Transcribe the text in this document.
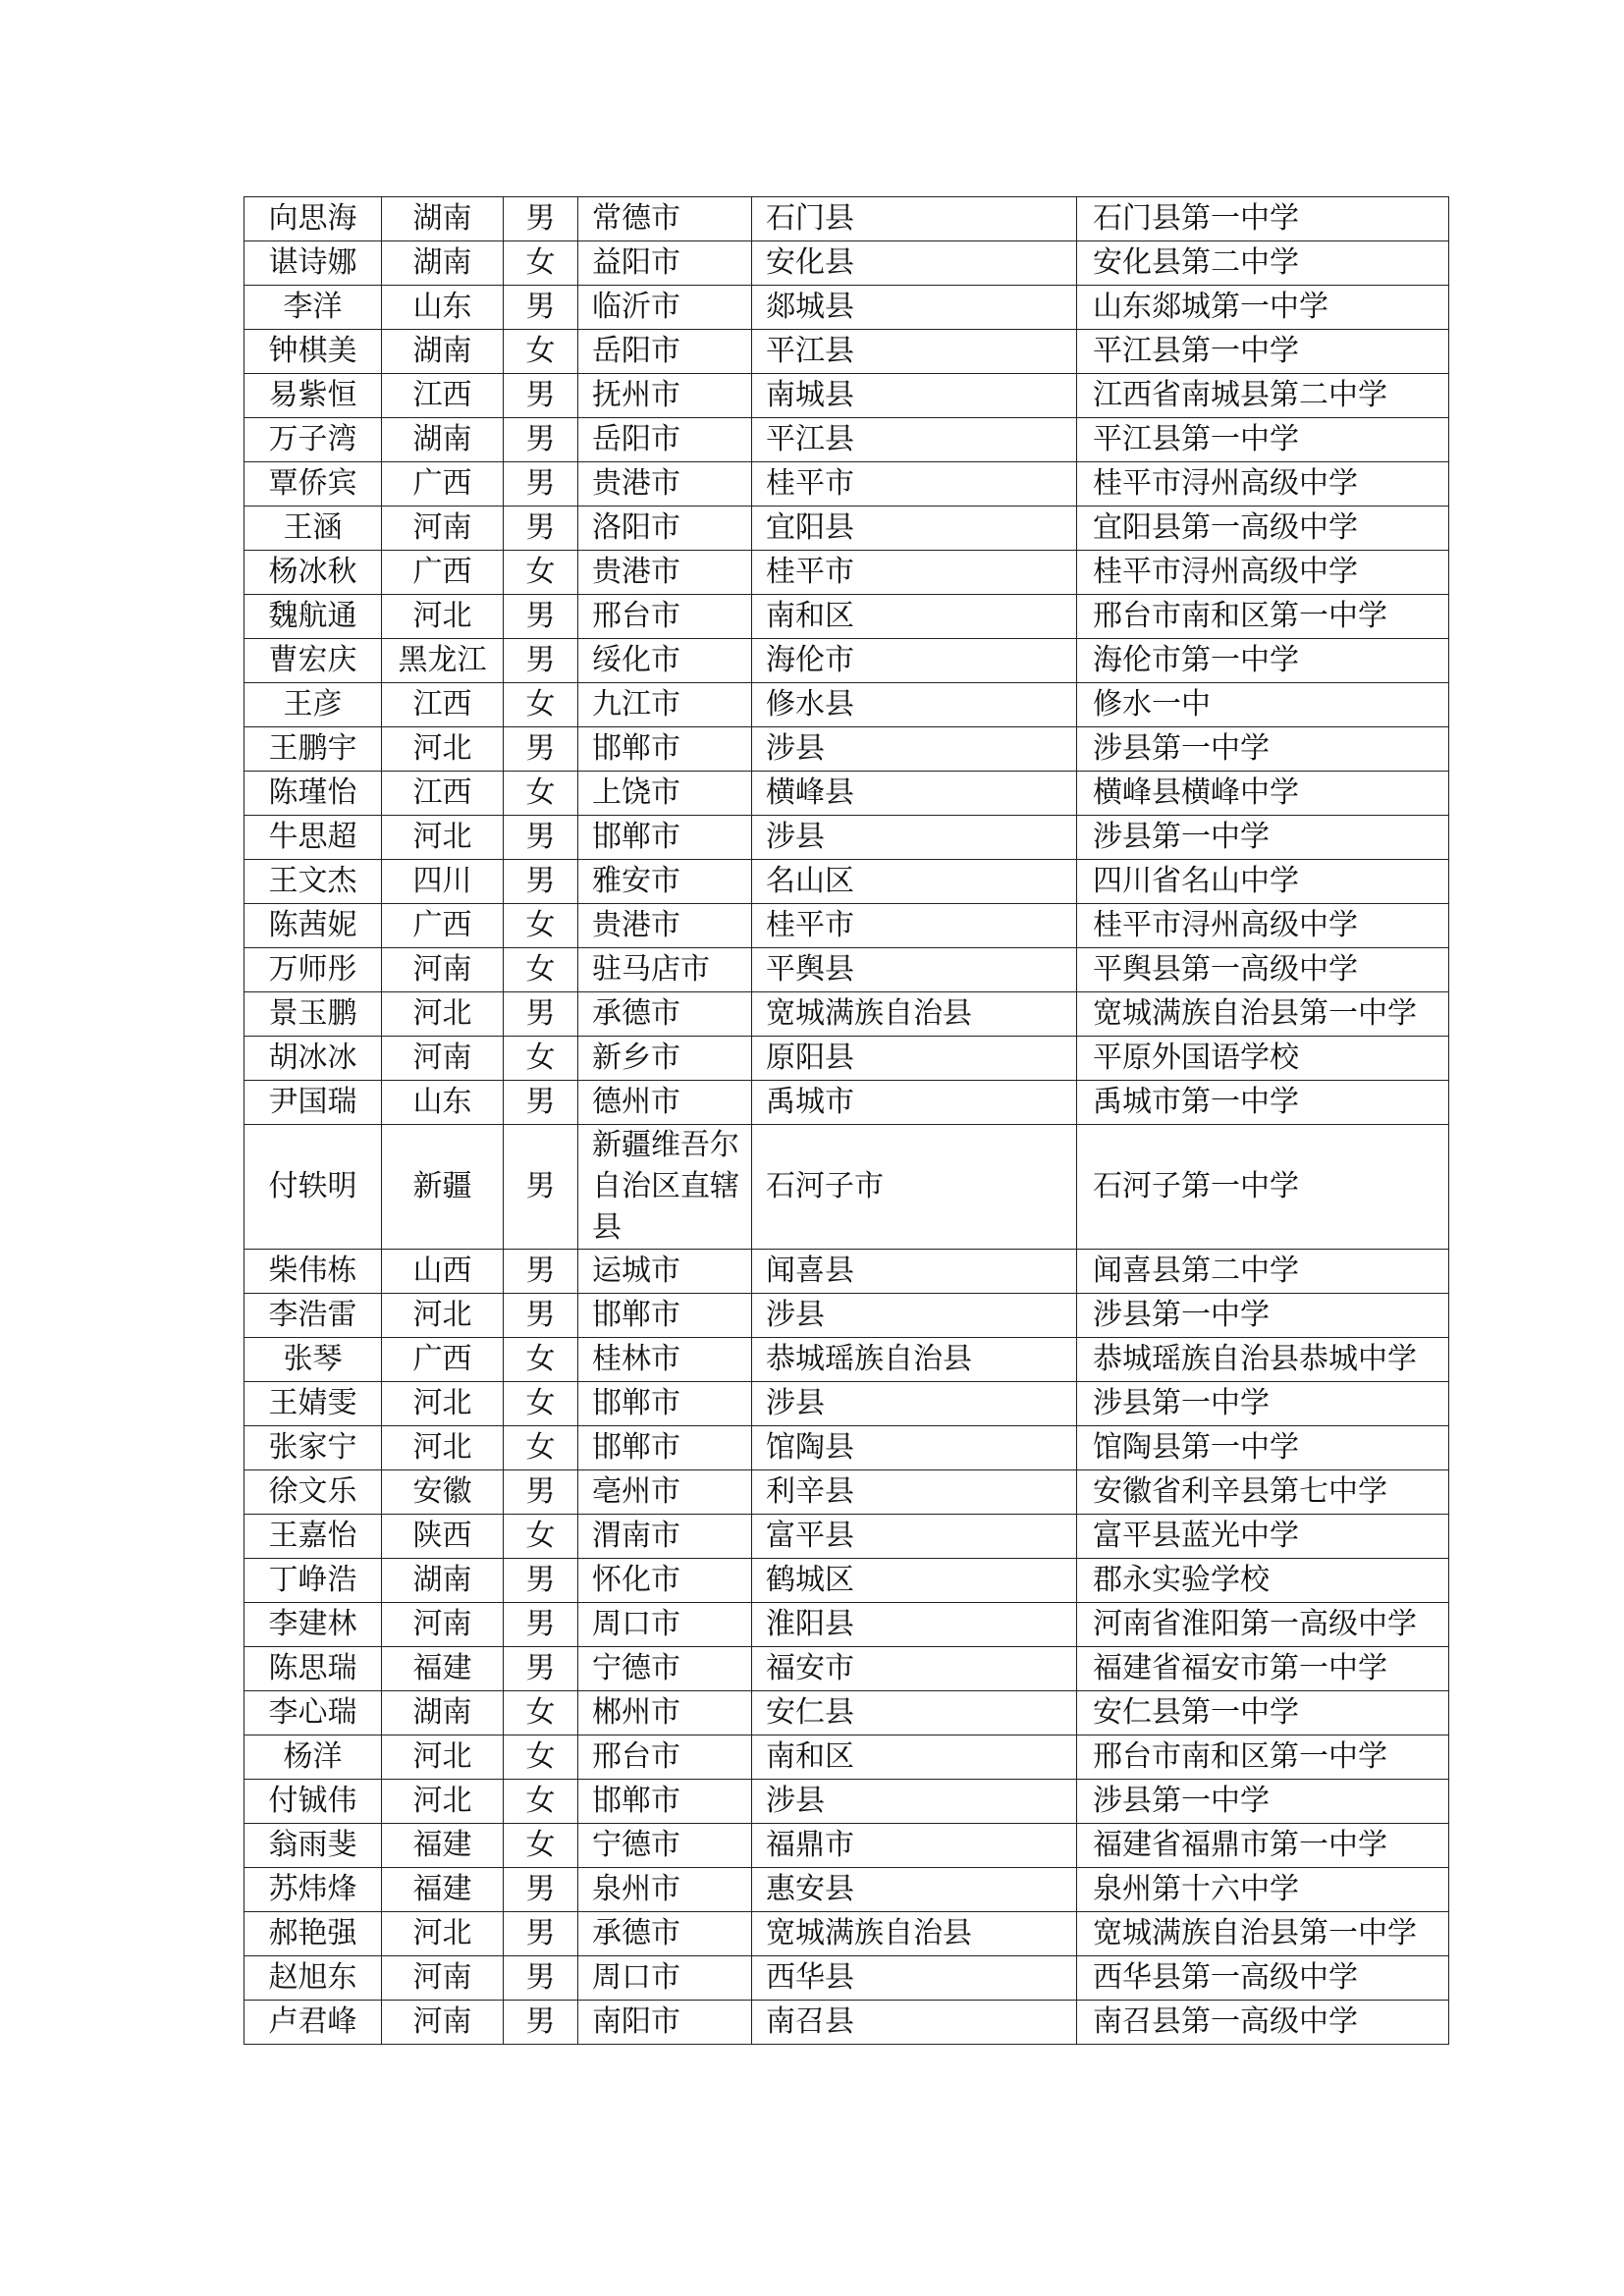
向思海	湖南	男	常德市	石门县	石门县第一中学
谌诗娜	湖南	女	益阳市	安化县	安化县第二中学
李洋	山东	男	临沂市	郯城县	山东郯城第一中学
钟棋美	湖南	女	岳阳市	平江县	平江县第一中学
易紫恒	江西	男	抚州市	南城县	江西省南城县第二中学
万子湾	湖南	男	岳阳市	平江县	平江县第一中学
覃侨宾	广西	男	贵港市	桂平市	桂平市浔州高级中学
王涵	河南	男	洛阳市	宜阳县	宜阳县第一高级中学
杨冰秋	广西	女	贵港市	桂平市	桂平市浔州高级中学
魏航通	河北	男	邢台市	南和区	邢台市南和区第一中学
曹宏庆	黑龙江	男	绥化市	海伦市	海伦市第一中学
王彦	江西	女	九江市	修水县	修水一中
王鹏宇	河北	男	邯郸市	涉县	涉县第一中学
陈瑾怡	江西	女	上饶市	横峰县	横峰县横峰中学
牛思超	河北	男	邯郸市	涉县	涉县第一中学
王文杰	四川	男	雅安市	名山区	四川省名山中学
陈茜妮	广西	女	贵港市	桂平市	桂平市浔州高级中学
万师彤	河南	女	驻马店市	平舆县	平舆县第一高级中学
景玉鹏	河北	男	承德市	宽城满族自治县	宽城满族自治县第一中学
胡冰冰	河南	女	新乡市	原阳县	平原外国语学校
尹国瑞	山东	男	德州市	禹城市	禹城市第一中学
付轶明	新疆	男	新疆维吾尔自治区直辖县	石河子市	石河子第一中学
柴伟栋	山西	男	运城市	闻喜县	闻喜县第二中学
李浩雷	河北	男	邯郸市	涉县	涉县第一中学
张琴	广西	女	桂林市	恭城瑶族自治县	恭城瑶族自治县恭城中学
王婧雯	河北	女	邯郸市	涉县	涉县第一中学
张家宁	河北	女	邯郸市	馆陶县	馆陶县第一中学
徐文乐	安徽	男	亳州市	利辛县	安徽省利辛县第七中学
王嘉怡	陕西	女	渭南市	富平县	富平县蓝光中学
丁峥浩	湖南	男	怀化市	鹤城区	郡永实验学校
李建林	河南	男	周口市	淮阳县	河南省淮阳第一高级中学
陈思瑞	福建	男	宁德市	福安市	福建省福安市第一中学
李心瑞	湖南	女	郴州市	安仁县	安仁县第一中学
杨洋	河北	女	邢台市	南和区	邢台市南和区第一中学
付铖伟	河北	女	邯郸市	涉县	涉县第一中学
翁雨斐	福建	女	宁德市	福鼎市	福建省福鼎市第一中学
苏炜烽	福建	男	泉州市	惠安县	泉州第十六中学
郝艳强	河北	男	承德市	宽城满族自治县	宽城满族自治县第一中学
赵旭东	河南	男	周口市	西华县	西华县第一高级中学
卢君峰	河南	男	南阳市	南召县	南召县第一高级中学
